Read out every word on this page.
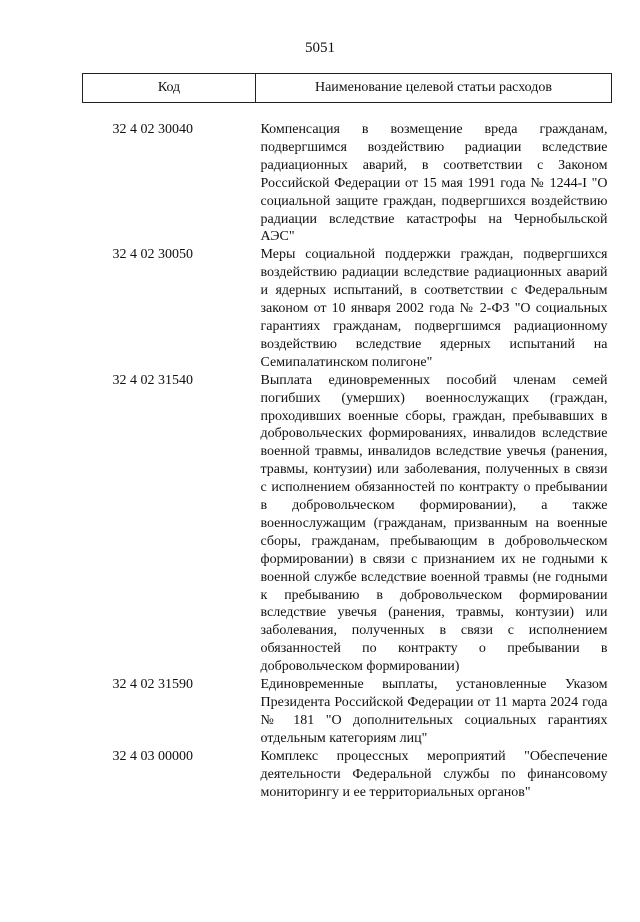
5051
Код	Наименование целевой статьи расходов
32 4 02 30040	Компенсация в возмещение вреда гражданам, подвергшимся воздействию радиации вследствие радиационных аварий, в соответствии с Законом Российской Федерации от 15 мая 1991 года № 1244-I "О социальной защите граждан, подвергшихся воздействию радиации вследствие катастрофы на Чернобыльской АЭС"
32 4 02 30050	Меры социальной поддержки граждан, подвергшихся воздействию радиации вследствие радиационных аварий и ядерных испытаний, в соответствии с Федеральным законом от 10 января 2002 года № 2-ФЗ "О социальных гарантиях гражданам, подвергшимся радиационному воздействию вследствие ядерных испытаний на Семипалатинском полигоне"
32 4 02 31540	Выплата единовременных пособий членам семей погибших (умерших) военнослужащих (граждан, проходивших военные сборы, граждан, пребывавших в добровольческих формированиях, инвалидов вследствие военной травмы, инвалидов вследствие увечья (ранения, травмы, контузии) или заболевания, полученных в связи с исполнением обязанностей по контракту о пребывании в добровольческом формировании), а также военнослужащим (гражданам, призванным на военные сборы, гражданам, пребывающим в добровольческом формировании) в связи с признанием их не годными к военной службе вследствие военной травмы (не годными к пребыванию в добровольческом формировании вследствие увечья (ранения, травмы, контузии) или заболевания, полученных в связи с исполнением обязанностей по контракту о пребывании в добровольческом формировании)
32 4 02 31590	Единовременные выплаты, установленные Указом Президента Российской Федерации от 11 марта 2024 года № 181 "О дополнительных социальных гарантиях отдельным категориям лиц"
32 4 03 00000	Комплекс процессных мероприятий "Обеспечение деятельности Федеральной службы по финансовому мониторингу и ее территориальных органов"
